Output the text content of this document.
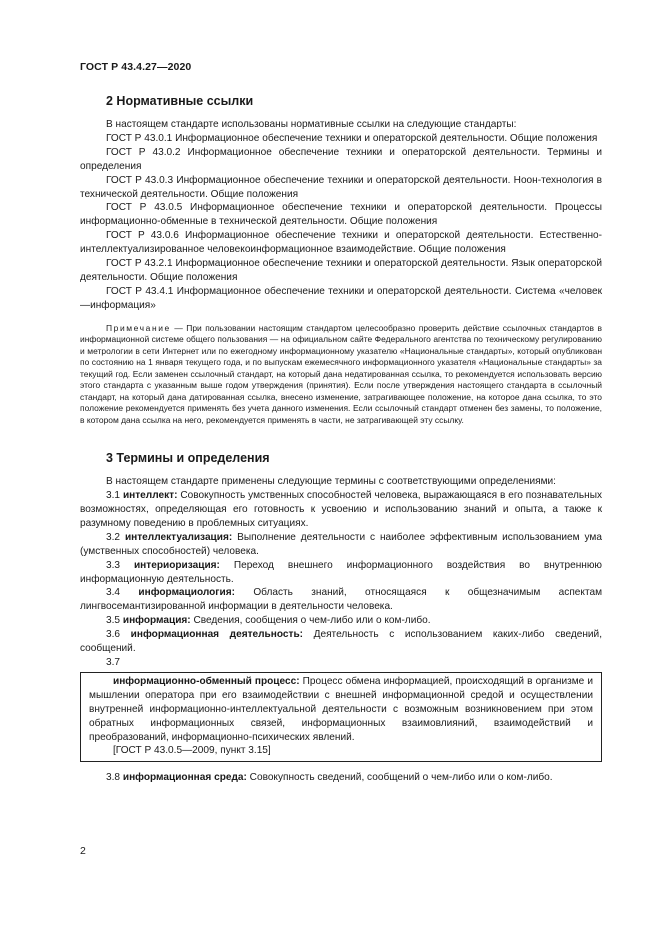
ГОСТ Р 43.4.27—2020
2 Нормативные ссылки

В настоящем стандарте использованы нормативные ссылки на следующие стандарты:

ГОСТ Р 43.0.1 Информационное обеспечение техники и операторской деятельности. Общие положения

ГОСТ Р 43.0.2 Информационное обеспечение техники и операторской деятельности. Термины и определения

ГОСТ Р 43.0.3 Информационное обеспечение техники и операторской деятельности. Ноон-технология в технической деятельности. Общие положения

ГОСТ Р 43.0.5 Информационное обеспечение техники и операторской деятельности. Процессы информационно-обменные в технической деятельности. Общие положения

ГОСТ Р 43.0.6 Информационное обеспечение техники и операторской деятельности. Естественно-интеллектуализированное человекоинформационное взаимодействие. Общие положения

ГОСТ Р 43.2.1 Информационное обеспечение техники и операторской деятельности. Язык операторской деятельности. Общие положения

ГОСТ Р 43.4.1 Информационное обеспечение техники и операторской деятельности. Система «человек—информация»

Примечание — При пользовании настоящим стандартом целесообразно проверить действие ссылочных стандартов в информационной системе общего пользования — на официальном сайте Федерального агентства по техническому регулированию и метрологии в сети Интернет или по ежегодному информационному указателю «Национальные стандарты», который опубликован по состоянию на 1 января текущего года, и по выпускам ежемесячного информационного указателя «Национальные стандарты» за текущий год. Если заменен ссылочный стандарт, на который дана недатированная ссылка, то рекомендуется использовать версию этого стандарта с указанным выше годом утверждения (принятия). Если после утверждения настоящего стандарта в ссылочный стандарт, на который дана датированная ссылка, внесено изменение, затрагивающее положение, на которое дана ссылка, то это положение рекомендуется применять без учета данного изменения. Если ссылочный стандарт отменен без замены, то положение, в котором дана ссылка на него, рекомендуется применять в части, не затрагивающей эту ссылку.

3 Термины и определения

В настоящем стандарте применены следующие термины с соответствующими определениями:

3.1 интеллект: Совокупность умственных способностей человека, выражающаяся в его познавательных возможностях, определяющая его готовность к усвоению и использованию знаний и опыта, а также к разумному поведению в проблемных ситуациях.

3.2 интеллектуализация: Выполнение деятельности с наиболее эффективным использованием ума (умственных способностей) человека.

3.3 интериоризация: Переход внешнего информационного воздействия во внутреннюю информационную деятельность.

3.4 информациология: Область знаний, относящаяся к общезначимым аспектам лингвосемантизированной информации в деятельности человека.

3.5 информация: Сведения, сообщения о чем-либо или о ком-либо.

3.6 информационная деятельность: Деятельность с использованием каких-либо сведений, сообщений.

3.7

информационно-обменный процесс: Процесс обмена информацией, происходящий в организме и мышлении оператора при его взаимодействии с внешней информационной средой и осуществлении внутренней информационно-интеллектуальной деятельности с возможным возникновением при этом обратных информационных связей, информационных взаимовлияний, взаимодействий и преобразований, информационно-психических явлений.

[ГОСТ Р 43.0.5—2009, пункт 3.15]

3.8 информационная среда: Совокупность сведений, сообщений о чем-либо или о ком-либо.

2
